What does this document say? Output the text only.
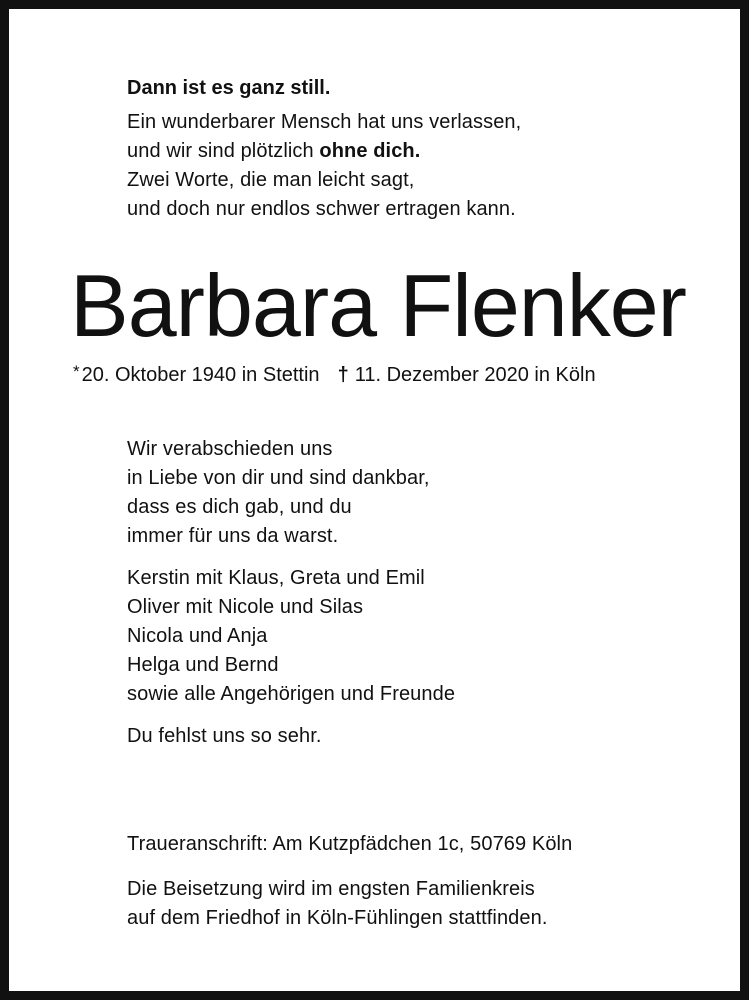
Dann ist es ganz still.
Ein wunderbarer Mensch hat uns verlassen,
und wir sind plötzlich ohne dich.
Zwei Worte, die man leicht sagt,
und doch nur endlos schwer ertragen kann.
Barbara Flenker
* 20. Oktober 1940 in Stettin † 11. Dezember 2020 in Köln
Wir verabschieden uns
in Liebe von dir und sind dankbar,
dass es dich gab, und du
immer für uns da warst.
Kerstin mit Klaus, Greta und Emil
Oliver mit Nicole und Silas
Nicola und Anja
Helga und Bernd
sowie alle Angehörigen und Freunde
Du fehlst uns so sehr.
Traueranschrift: Am Kutzpfädchen 1c, 50769 Köln
Die Beisetzung wird im engsten Familienkreis
auf dem Friedhof in Köln-Fühlingen stattfinden.
